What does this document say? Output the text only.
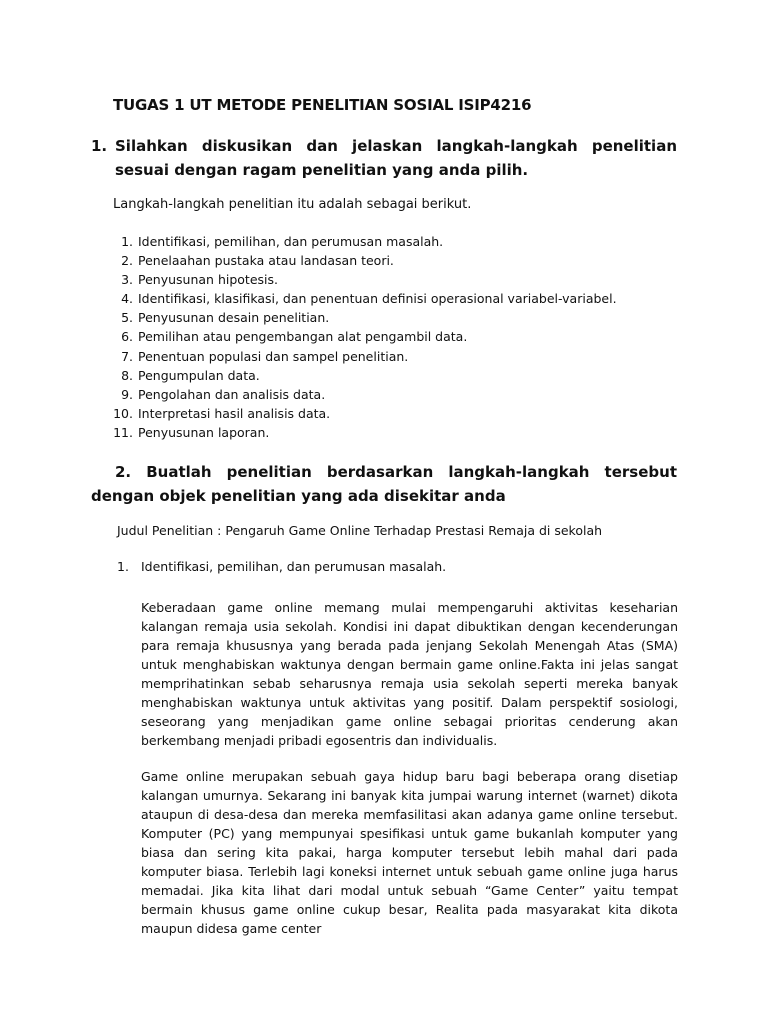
TUGAS 1 UT METODE PENELITIAN SOSIAL ISIP4216
1. Silahkan diskusikan dan jelaskan langkah-langkah penelitian sesuai dengan ragam penelitian yang anda pilih.
Langkah-langkah penelitian itu adalah sebagai berikut.
1. Identifikasi, pemilihan, dan perumusan masalah.
2. Penelaahan pustaka atau landasan teori.
3. Penyusunan hipotesis.
4. Identifikasi, klasifikasi, dan penentuan definisi operasional variabel-variabel.
5. Penyusunan desain penelitian.
6. Pemilihan atau pengembangan alat pengambil data.
7. Penentuan populasi dan sampel penelitian.
8. Pengumpulan data.
9. Pengolahan dan analisis data.
10. Interpretasi hasil analisis data.
11. Penyusunan laporan.
2. Buatlah penelitian berdasarkan langkah-langkah tersebut dengan objek penelitian yang ada disekitar anda
Judul Penelitian : Pengaruh Game Online Terhadap Prestasi Remaja di sekolah
1. Identifikasi, pemilihan, dan perumusan masalah.

Keberadaan game online memang mulai mempengaruhi aktivitas keseharian kalangan remaja usia sekolah. Kondisi ini dapat dibuktikan dengan kecenderungan para remaja khususnya yang berada pada jenjang Sekolah Menengah Atas (SMA) untuk menghabiskan waktunya dengan bermain game online.Fakta ini jelas sangat memprihatinkan sebab seharusnya remaja usia sekolah seperti mereka banyak menghabiskan waktunya untuk aktivitas yang positif. Dalam perspektif sosiologi, seseorang yang menjadikan game online sebagai prioritas cenderung akan berkembang menjadi pribadi egosentris dan individualis.

Game online merupakan sebuah gaya hidup baru bagi beberapa orang disetiap kalangan umurnya. Sekarang ini banyak kita jumpai warung internet (warnet) dikota ataupun di desa-desa dan mereka memfasilitasi akan adanya game online tersebut. Komputer (PC) yang mempunyai spesifikasi untuk game bukanlah komputer yang biasa dan sering kita pakai, harga komputer tersebut lebih mahal dari pada komputer biasa. Terlebih lagi koneksi internet untuk sebuah game online juga harus memadai. Jika kita lihat dari modal untuk sebuah “Game Center” yaitu tempat bermain khusus game online cukup besar, Realita pada masyarakat kita dikota maupun didesa game center
